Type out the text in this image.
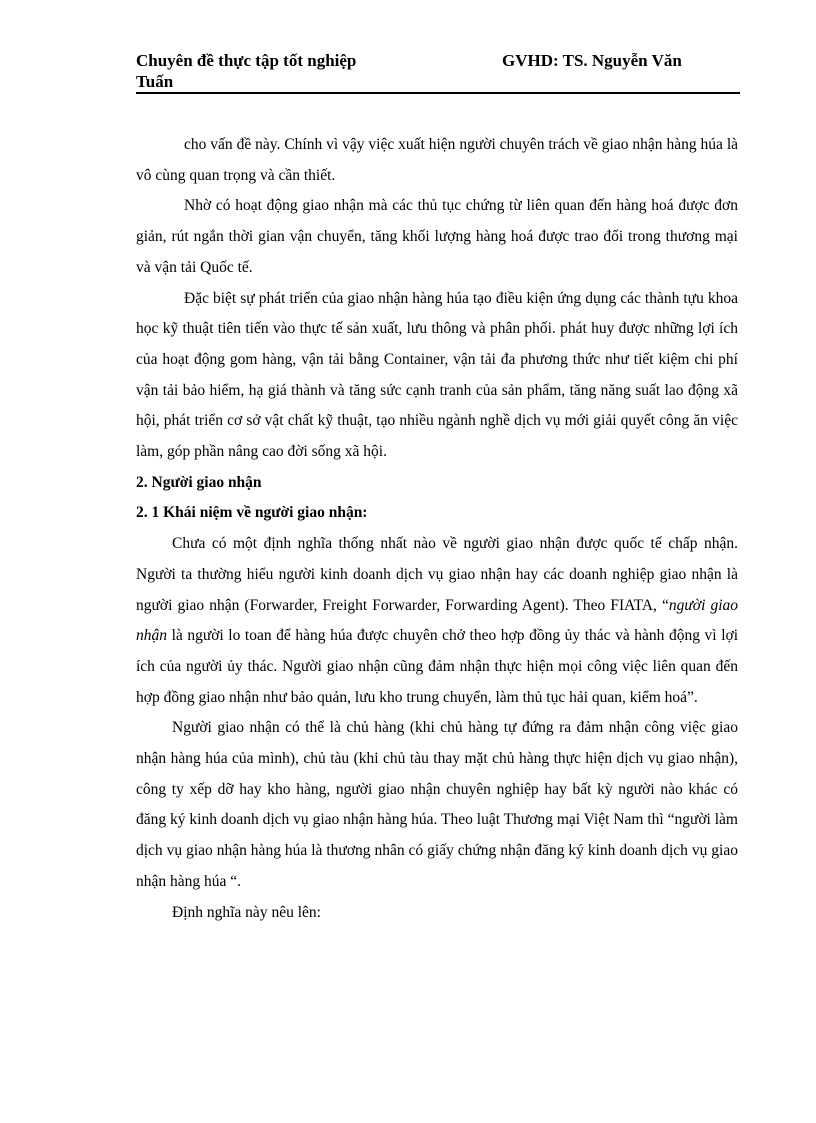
Chuyên đề thực tập tốt nghiệp	GVHD: TS. Nguyễn Văn
Tuấn

cho vấn đề này. Chính vì vậy việc xuất hiện người chuyên trách về giao nhận hàng húa là vô cùng quan trọng và cần thiết.

Nhờ có hoạt động giao nhận mà các thủ tục chứng từ liên quan đến hàng hoá được đơn giản, rút ngắn thời gian vận chuyển, tăng khối lượng hàng hoá được trao đổi trong thương mại và vận tải Quốc tế.

Đặc biệt sự phát triển của giao nhận hàng húa tạo điều kiện ứng dụng các thành tựu khoa học kỹ thuật tiên tiến vào thực tế sản xuất, lưu thông và phân phối. phát huy được những lợi ích của hoạt động gom hàng, vận tải bằng Container, vận tải đa phương thức như tiết kiệm chi phí vận tải bảo hiểm, hạ giá thành và tăng sức cạnh tranh của sản phẩm, tăng năng suất lao động xã hội, phát triển cơ sở vật chất kỹ thuật, tạo nhiều ngành nghề dịch vụ mới giải quyết công ăn việc làm, góp phần nâng cao đời sống xã hội.

2. Người giao nhận

2. 1 Khái niệm về người giao nhận:

Chưa có một định nghĩa thống nhất nào về người giao nhận được quốc tế chấp nhận. Người ta thường hiểu người kinh doanh dịch vụ giao nhận hay các doanh nghiệp giao nhận là người giao nhận (Forwarder, Freight Forwarder, Forwarding Agent). Theo FIATA, “người giao nhận là người lo toan để hàng húa được chuyên chở theo hợp đồng ủy thác và hành động vì lợi ích của người ủy thác. Người giao nhận cũng đảm nhận thực hiện mọi công việc liên quan đến hợp đồng giao nhận như bảo quản, lưu kho trung chuyển, làm thủ tục hải quan, kiểm hoá”.

Người giao nhận có thể là chủ hàng (khi chủ hàng tự đứng ra đảm nhận công việc giao nhận hàng húa của mình), chủ tàu (khi chủ tàu thay mặt chủ hàng thực hiện dịch vụ giao nhận), công ty xếp dỡ hay kho hàng, người giao nhận chuyên nghiệp hay bất kỳ người nào khác có đăng ký kinh doanh dịch vụ giao nhận hàng húa. Theo luật Thương mại Việt Nam thì “người làm dịch vụ giao nhận hàng húa là thương nhân có giấy chứng nhận đăng ký kinh doanh dịch vụ giao nhận hàng húa “.

Định nghĩa này nêu lên:
